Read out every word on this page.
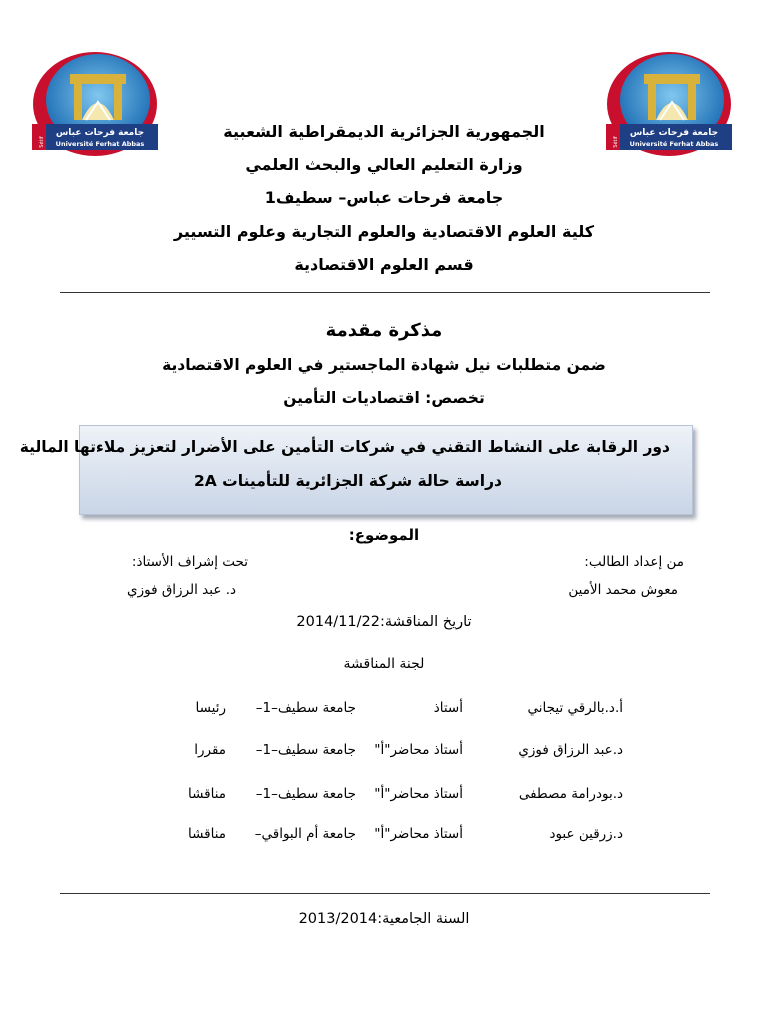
جامعة فرحات عباس
Université Ferhat Abbas
Sétif
جامعة فرحات عباس
Université Ferhat Abbas
Sétif
الجمهورية الجزائرية الديمقراطية الشعبية
وزارة التعليم العالي والبحث العلمي
جامعة فرحات عباس– سطيف1
كلية العلوم الاقتصادية والعلوم التجارية وعلوم التسيير
قسم العلوم الاقتصادية
مذكرة مقدمة
ضمن متطلبات نيل شهادة الماجستير في العلوم الاقتصادية
تخصص: اقتصاديات التأمين
دور الرقابة على النشاط التقني في شركات التأمين على الأضرار لتعزيز ملاءتها المالية
دراسة حالة شركة الجزائرية للتأمينات 2A
الموضوع:
من إعداد الطالب:
تحت إشراف الأستاذ:
معوش محمد الأمين
د. عبد الرزاق فوزي
تاريخ المناقشة:2014/11/22
لجنة المناقشة
أ.د.بالرقي تيجاني
أستاذ
جامعة سطيف–1–
رئيسا
د.عبد الرزاق فوزي
أستاذ محاضر"أ"
جامعة سطيف–1–
مقررا
د.بودرامة مصطفى
أستاذ محاضر"أ"
جامعة سطيف–1–
مناقشا
د.زرقين عبود
أستاذ محاضر"أ"
جامعة أم البواقي–
مناقشا
السنة الجامعية:2013/2014
